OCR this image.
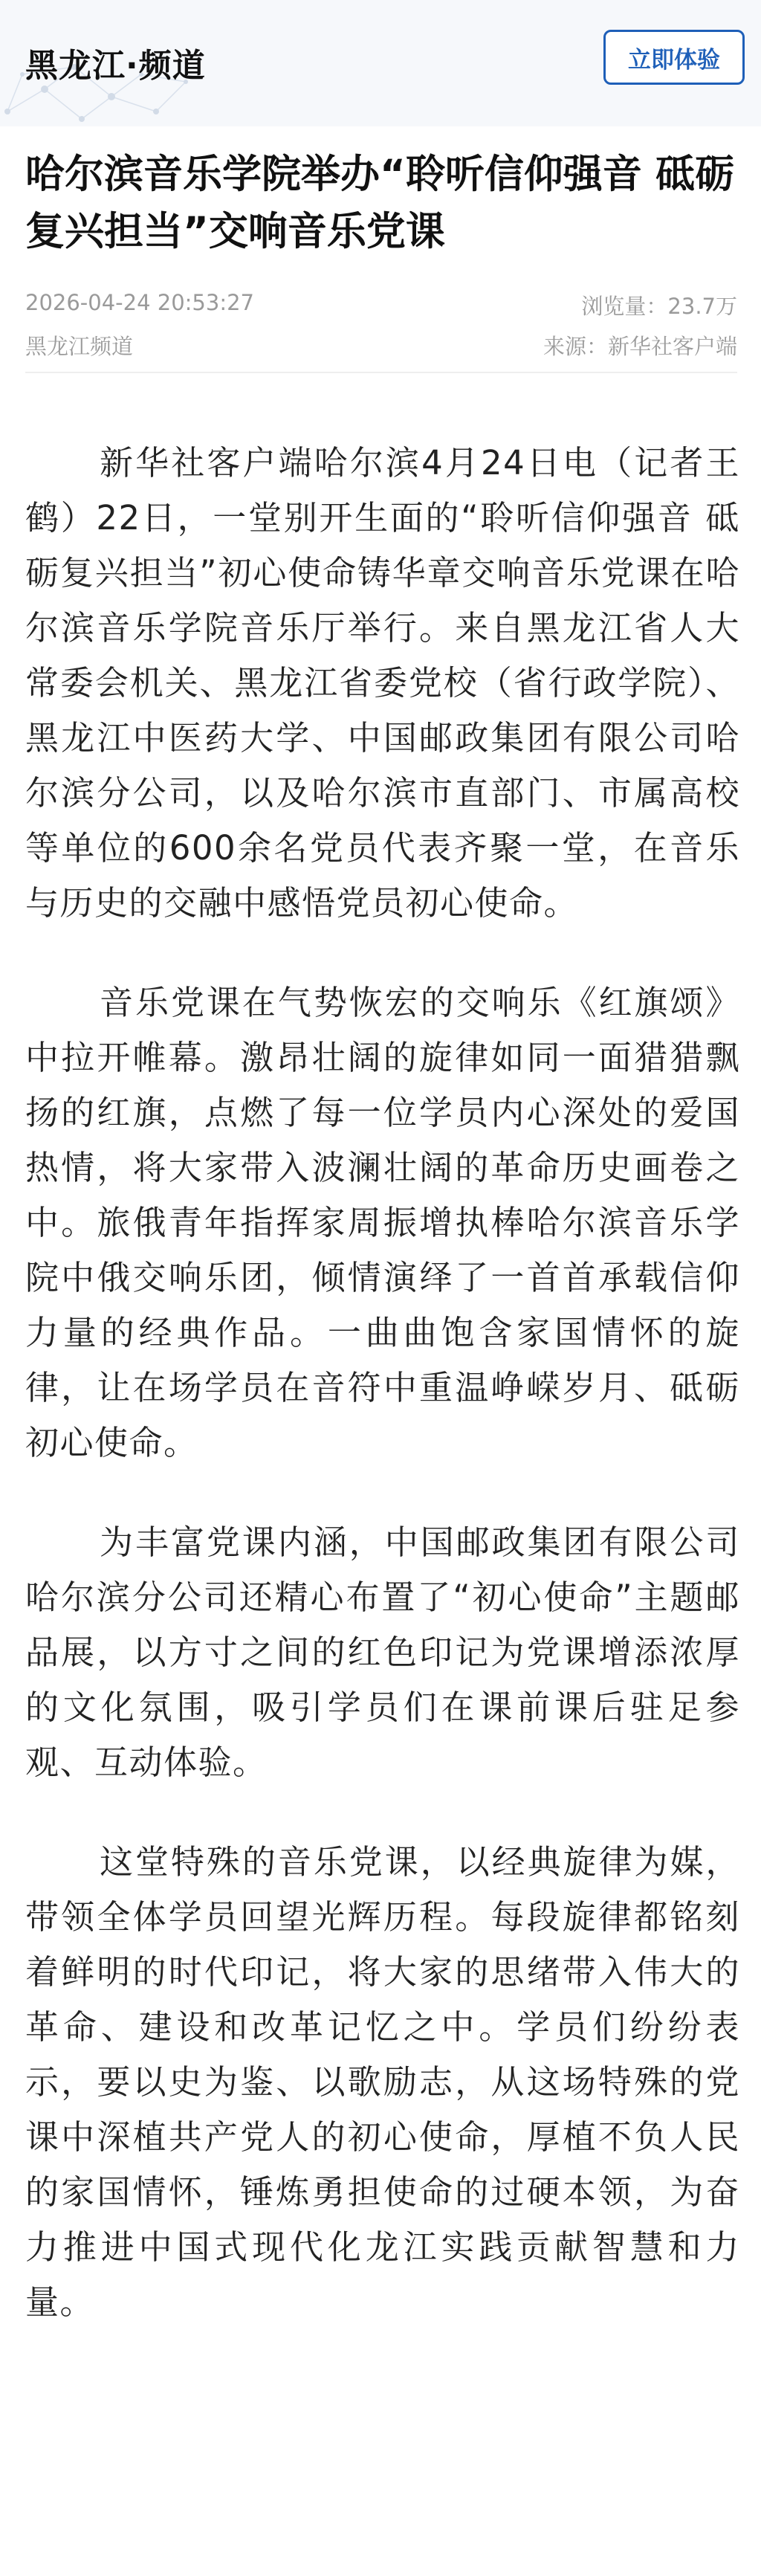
黑龙江·频道	立即体验
哈尔滨音乐学院举办“聆听信仰强音 砥砺复兴担当”交响音乐党课
2026-04-24 20:53:27	浏览量：23.7万
黑龙江频道	来源：新华社客户端

新华社客户端哈尔滨4月24日电（记者王鹤）22日，一堂别开生面的“聆听信仰强音 砥砺复兴担当”初心使命铸华章交响音乐党课在哈尔滨音乐学院音乐厅举行。来自黑龙江省人大常委会机关、黑龙江省委党校（省行政学院）、黑龙江中医药大学、中国邮政集团有限公司哈尔滨分公司，以及哈尔滨市直部门、市属高校等单位的600余名党员代表齐聚一堂，在音乐与历史的交融中感悟党员初心使命。

音乐党课在气势恢宏的交响乐《红旗颂》中拉开帷幕。激昂壮阔的旋律如同一面猎猎飘扬的红旗，点燃了每一位学员内心深处的爱国热情，将大家带入波澜壮阔的革命历史画卷之中。旅俄青年指挥家周振增执棒哈尔滨音乐学院中俄交响乐团，倾情演绎了一首首承载信仰力量的经典作品。一曲曲饱含家国情怀的旋律，让在场学员在音符中重温峥嵘岁月、砥砺初心使命。

为丰富党课内涵，中国邮政集团有限公司哈尔滨分公司还精心布置了“初心使命”主题邮品展，以方寸之间的红色印记为党课增添浓厚的文化氛围，吸引学员们在课前课后驻足参观、互动体验。

这堂特殊的音乐党课，以经典旋律为媒，带领全体学员回望光辉历程。每段旋律都铭刻着鲜明的时代印记，将大家的思绪带入伟大的革命、建设和改革记忆之中。学员们纷纷表示，要以史为鉴、以歌励志，从这场特殊的党课中深植共产党人的初心使命，厚植不负人民的家国情怀，锤炼勇担使命的过硬本领，为奋力推进中国式现代化龙江实践贡献智慧和力量。
